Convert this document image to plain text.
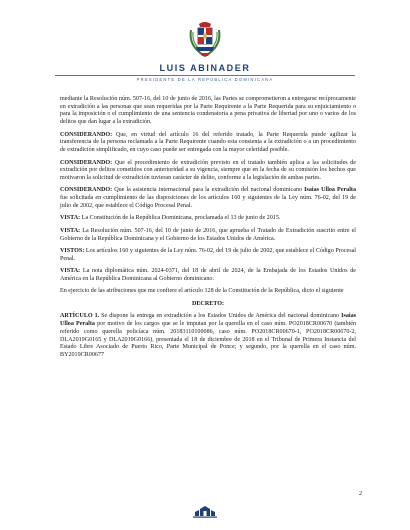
LUIS ABINADER
PRESIDENTE DE LA REPÚBLICA DOMINICANA

mediante la Resolución núm. 507-16, del 10 de junio de 2016, las Partes se comprometieron a entregarse recíprocamente en extradición a las personas que sean requeridas por la Parte Requirente a la Parte Requerida para su enjuiciamiento o para la imposición o el cumplimiento de una sentencia condenatoria a pena privativa de libertad por uno o varios de los delitos que dan lugar a la extradición.

CONSIDERANDO: Que, en virtud del artículo 16 del referido tratado, la Parte Requerida puede agilizar la transferencia de la persona reclamada a la Parte Requirente cuando esta consienta a la extradición o a un procedimiento de extradición simplificado, en cuyo caso puede ser entregada con la mayor celeridad posible.

CONSIDERANDO: Que el procedimiento de extradición previsto en el tratado también aplica a las solicitudes de extradición por delitos cometidos con anterioridad a su vigencia, siempre que en la fecha de su comisión los hechos que motivaron la solicitud de extradición tuvieran carácter de delito, conforme a la legislación de ambas partes.

CONSIDERANDO: Que la asistencia internacional para la extradición del nacional dominicano Isaias Ulloa Peralta fue solicitada en cumplimiento de las disposiciones de los artículos 160 y siguientes de la Ley núm. 76-02, del 19 de julio de 2002, que establece el Código Procesal Penal.

VISTA: La Constitución de la República Dominicana, proclamada el 13 de junio de 2015.

VISTA: La Resolución núm. 507-16, del 10 de junio de 2016, que aprueba el Tratado de Extradición suscrito entre el Gobierno de la República Dominicana y el Gobierno de los Estados Unidos de América.

VISTOS: Los artículos 160 y siguientes de la Ley núm. 76-02, del 19 de julio de 2002, que establece el Código Procesal Penal.

VISTA: La nota diplomática núm. 2024-0371, del 18 de abril de 2024, de la Embajada de los Estados Unidos de América en la República Dominicana al Gobierno dominicano.

En ejercicio de las atribuciones que me confiere el artículo 128 de la Constitución de la República, dicto el siguiente

DECRETO:

ARTÍCULO 1. Se dispone la entrega en extradición a los Estados Unidos de América del nacional dominicano Isaias Ulloa Peralta por motivo de los cargos que se le imputan por la querella en el caso núm. PO2018CR00670 (también referido como querella policíaca núm. 20183110100086, caso núm. PO2018CR00670-1, PO2018CR00670-2, DLA2019G0165 y DLA2019G0166), presentada el 18 de diciembre de 2018 en el Tribunal de Primera Instancia del Estado Libre Asociado de Puerto Rico, Parte Municipal de Ponce; y segundo, por la querella en el caso núm. BY2019CR00677

2
